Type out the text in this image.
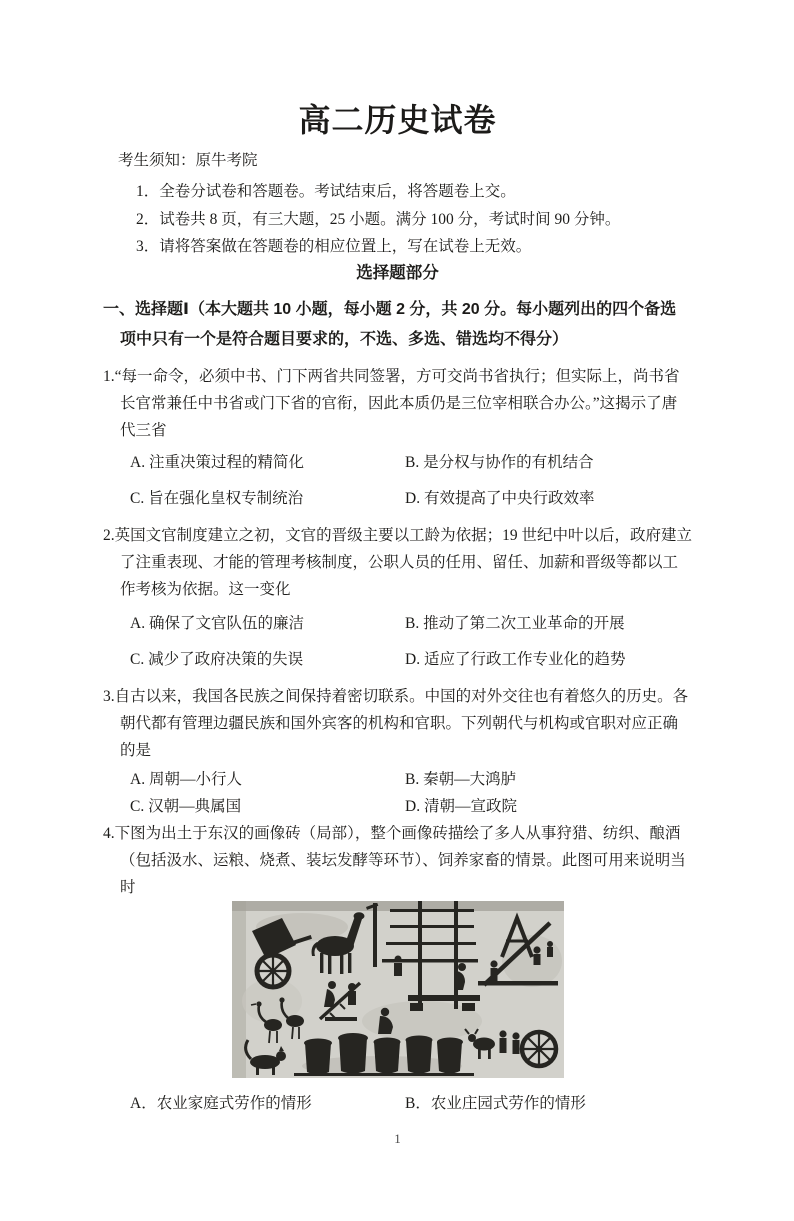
高二历史试卷
考生须知：原牛考院
1．全卷分试卷和答题卷。考试结束后，将答题卷上交。
2．试卷共 8 页，有三大题，25 小题。满分 100 分，考试时间 90 分钟。
3．请将答案做在答题卷的相应位置上，写在试卷上无效。
选择题部分
一、选择题Ⅰ（本大题共 10 小题，每小题 2 分，共 20 分。每小题列出的四个备选项中只有一个是符合题目要求的，不选、多选、错选均不得分）
1.“每一命令，必须中书、门下两省共同签署，方可交尚书省执行；但实际上，尚书省长官常兼任中书省或门下省的官衔，因此本质仍是三位宰相联合办公。”这揭示了唐代三省
A. 注重决策过程的精简化	B. 是分权与协作的有机结合
C. 旨在强化皇权专制统治	D. 有效提高了中央行政效率
2.英国文官制度建立之初，文官的晋级主要以工龄为依据；19 世纪中叶以后，政府建立了注重表现、才能的管理考核制度，公职人员的任用、留任、加薪和晋级等都以工作考核为依据。这一变化
A. 确保了文官队伍的廉洁	B. 推动了第二次工业革命的开展
C. 减少了政府决策的失误	D. 适应了行政工作专业化的趋势
3.自古以来，我国各民族之间保持着密切联系。中国的对外交往也有着悠久的历史。各朝代都有管理边疆民族和国外宾客的机构和官职。下列朝代与机构或官职对应正确的是
A. 周朝—小行人	B. 秦朝—大鸿胪
C. 汉朝—典属国	D. 清朝—宣政院
4.下图为出土于东汉的画像砖（局部），整个画像砖描绘了多人从事狩猎、纺织、酿酒（包括汲水、运粮、烧煮、装坛发酵等环节）、饲养家畜的情景。此图可用来说明当时
A．农业家庭式劳作的情形	B．农业庄园式劳作的情形
1
